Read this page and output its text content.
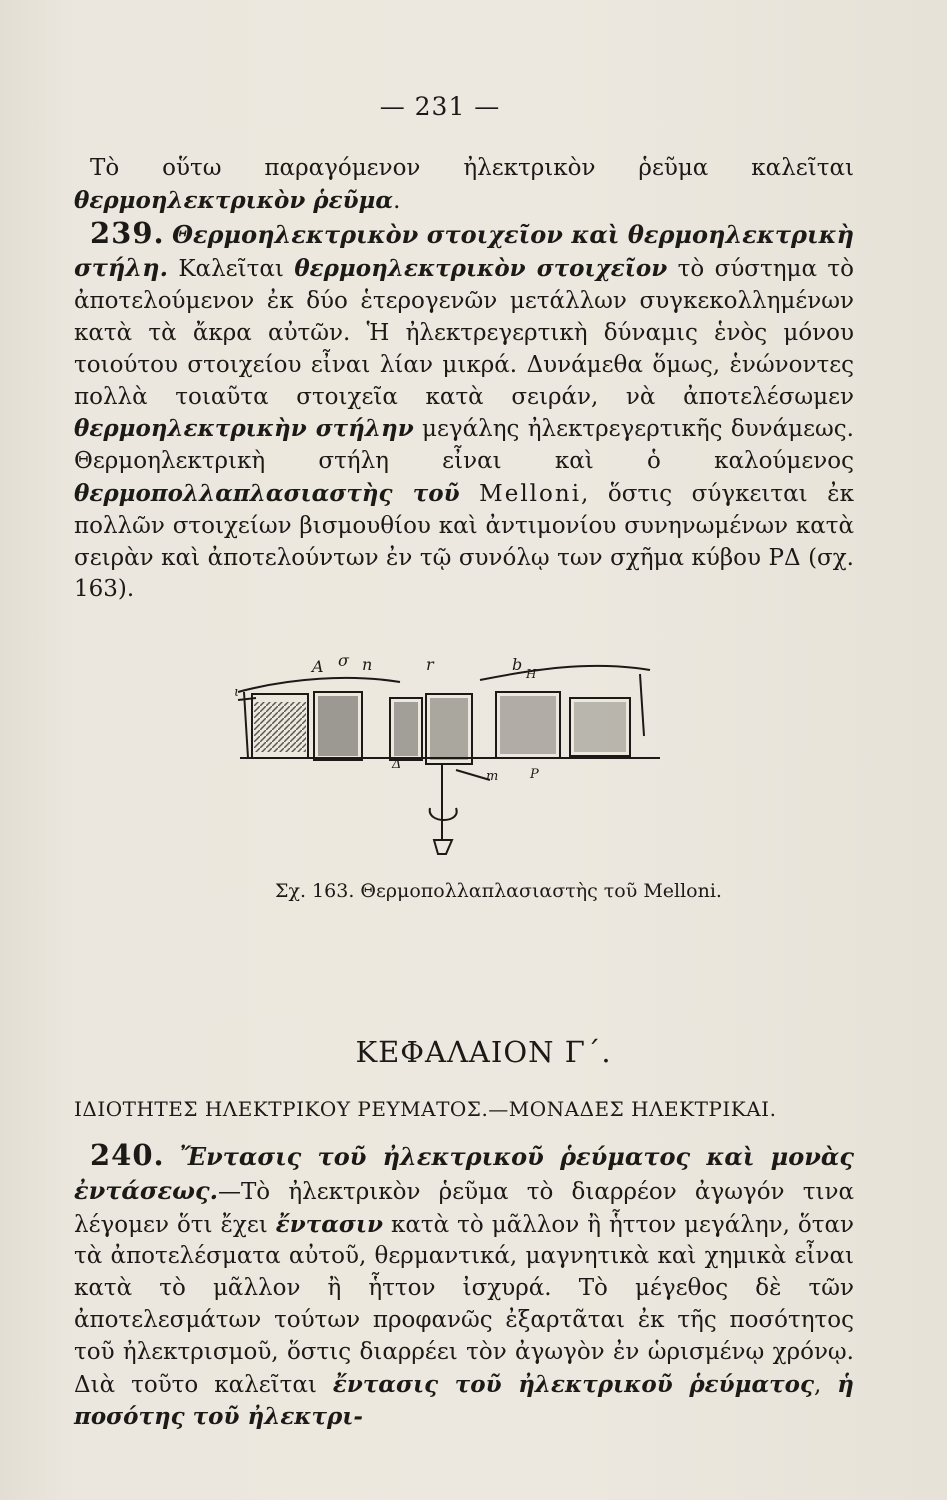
— 231 —

Τὸ οὕτω παραγόμενον ἠλεκτρικὸν ῥεῦμα καλεῖται θερμοηλεκτρικὸν ῥεῦμα.

239. Θερμοηλεκτρικὸν στοιχεῖον καὶ θερμοηλεκτρικὴ στήλη. Καλεῖται θερμοηλεκτρικὸν στοιχεῖον τὸ σύστημα τὸ ἀποτελούμενον ἐκ δύο ἑτερογενῶν μετάλλων συγκεκολλημένων κατὰ τὰ ἄκρα αὐτῶν. Ἡ ἠλεκτρεγερτικὴ δύναμις ἑνὸς μόνου τοιούτου στοιχείου εἶναι λίαν μικρά. Δυνάμεθα ὅμως, ἑνώνοντες πολλὰ τοιαῦτα στοιχεῖα κατὰ σειράν, νὰ ἀποτελέσωμεν θερμοηλεκτρικὴν στήλην μεγάλης ἠλεκτρεγερτικῆς δυνάμεως. Θερμοηλεκτρικὴ στήλη εἶναι καὶ ὁ καλούμενος θερμοπολλαπλασιαστὴς τοῦ Melloni, ὅστις σύγκειται ἐκ πολλῶν στοιχείων βισμουθίου καὶ ἀντιμονίου συνηνωμένων κατὰ σειρὰν καὶ ἀποτελούντων ἐν τῷ συνόλῳ των σχῆμα κύβου ΡΔ (σχ. 163).

A σ n	r	b H
Δ
m P
ι
Σχ. 163. Θερμοπολλαπλασιαστὴς τοῦ Melloni.
ΚΕΦΑΛΑΙΟΝ Γ΄.
ΙΔΙΟΤΗΤΕΣ ΗΛΕΚΤΡΙΚΟΥ ΡΕΥΜΑΤΟΣ.—ΜΟΝΑΔΕΣ ΗΛΕΚΤΡΙΚΑΙ.

240. Ἔντασις τοῦ ἠλεκτρικοῦ ῥεύματος καὶ μονὰς ἐντάσεως.—Τὸ ἠλεκτρικὸν ῥεῦμα τὸ διαρρέον ἀγωγόν τινα λέγομεν ὅτι ἔχει ἔντασιν κατὰ τὸ μᾶλλον ἢ ἧττον μεγάλην, ὅταν τὰ ἀποτελέσματα αὐτοῦ, θερμαντικά, μαγνητικὰ καὶ χημικὰ εἶναι κατὰ τὸ μᾶλλον ἢ ἧττον ἰσχυρά. Τὸ μέγεθος δὲ τῶν ἀποτελεσμάτων τούτων προφανῶς ἐξαρτᾶται ἐκ τῆς ποσότητος τοῦ ἠλεκτρισμοῦ, ὅστις διαρρέει τὸν ἀγωγὸν ἐν ὡρισμένῳ χρόνῳ. Διὰ τοῦτο καλεῖται ἔντασις τοῦ ἠλεκτρικοῦ ῥεύματος, ἡ ποσότης τοῦ ἠλεκτρι-
